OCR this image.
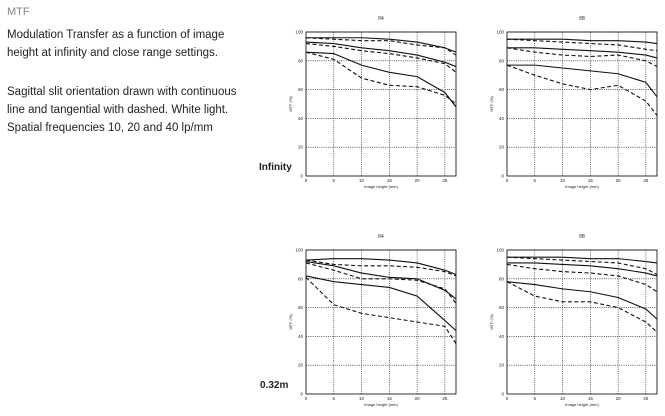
MTF
Modulation Transfer as a function of image height at infinity and close range settings.
Sagittal slit orientation drawn with continuous line and tangential with dashed. White light. Spatial frequencies 10, 20 and 40 lp/mm
Infinity
0.32m
f/4
0
20
40
60
80
100
0	5	10	15	20	25
Image height (mm)
MTF (%)
f/8
0
20
40
60
80
100
0	5	10	15	20	25
Image height (mm)
MTF (%)
f/4
0
20
40
60
80
100
0	5	10	15	20	25
Image height (mm)
MTF (%)
f/8
0
20
40
60
80
100
0	5	10	15	20	25
Image height (mm)
MTF (%)
